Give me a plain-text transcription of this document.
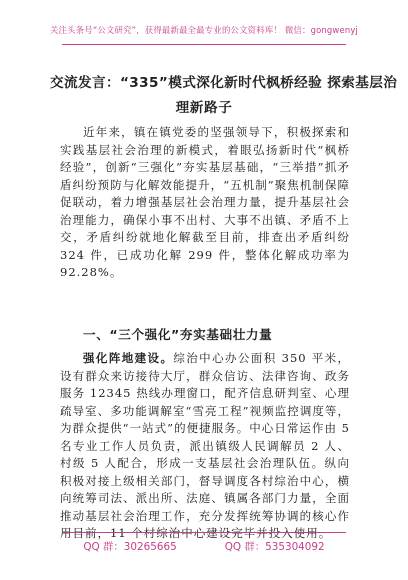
关注头条号“公文研究”，获得最新最全最专业的公文资料库！ 微信：gongwenyj
交流发言：“335”模式深化新时代枫桥经验 探索基层治
理新路子

近年来，镇在镇党委的坚强领导下，积极探索和实践基层社会治理的新模式，着眼弘扬新时代“枫桥经验”，创新“三强化”夯实基层基础，“三举措”抓矛盾纠纷预防与化解效能提升，“五机制”聚焦机制保障促联动，着力增强基层社会治理力量，提升基层社会治理能力，确保小事不出村、大事不出镇、矛盾不上交，矛盾纠纷就地化解截至目前，排查出矛盾纠纷 324 件，已成功化解 299 件，整体化解成功率为 92.28%。

一、“三个强化”夯实基础壮力量

强化阵地建设。综治中心办公面积 350 平米，设有群众来访接待大厅，群众信访、法律咨询、政务服务 12345 热线办理窗口，配齐信息研判室、心理疏导室、多功能调解室“雪亮工程”视频监控调度等，为群众提供“一站式”的便捷服务。中心日常运作由 5 名专业工作人员负责，派出镇级人民调解员 2 人、村级 5 人配合，形成一支基层社会治理队伍。纵向积极对接上级相关部门，督导调度各村综治中心，横向统筹司法、派出所、法庭、镇属各部门力量，全面推动基层社会治理工作，充分发挥统筹协调的核心作用目前，11 个村综治中心建设完毕并投入使用。

QQ 群：30265665	QQ 群：535304092
